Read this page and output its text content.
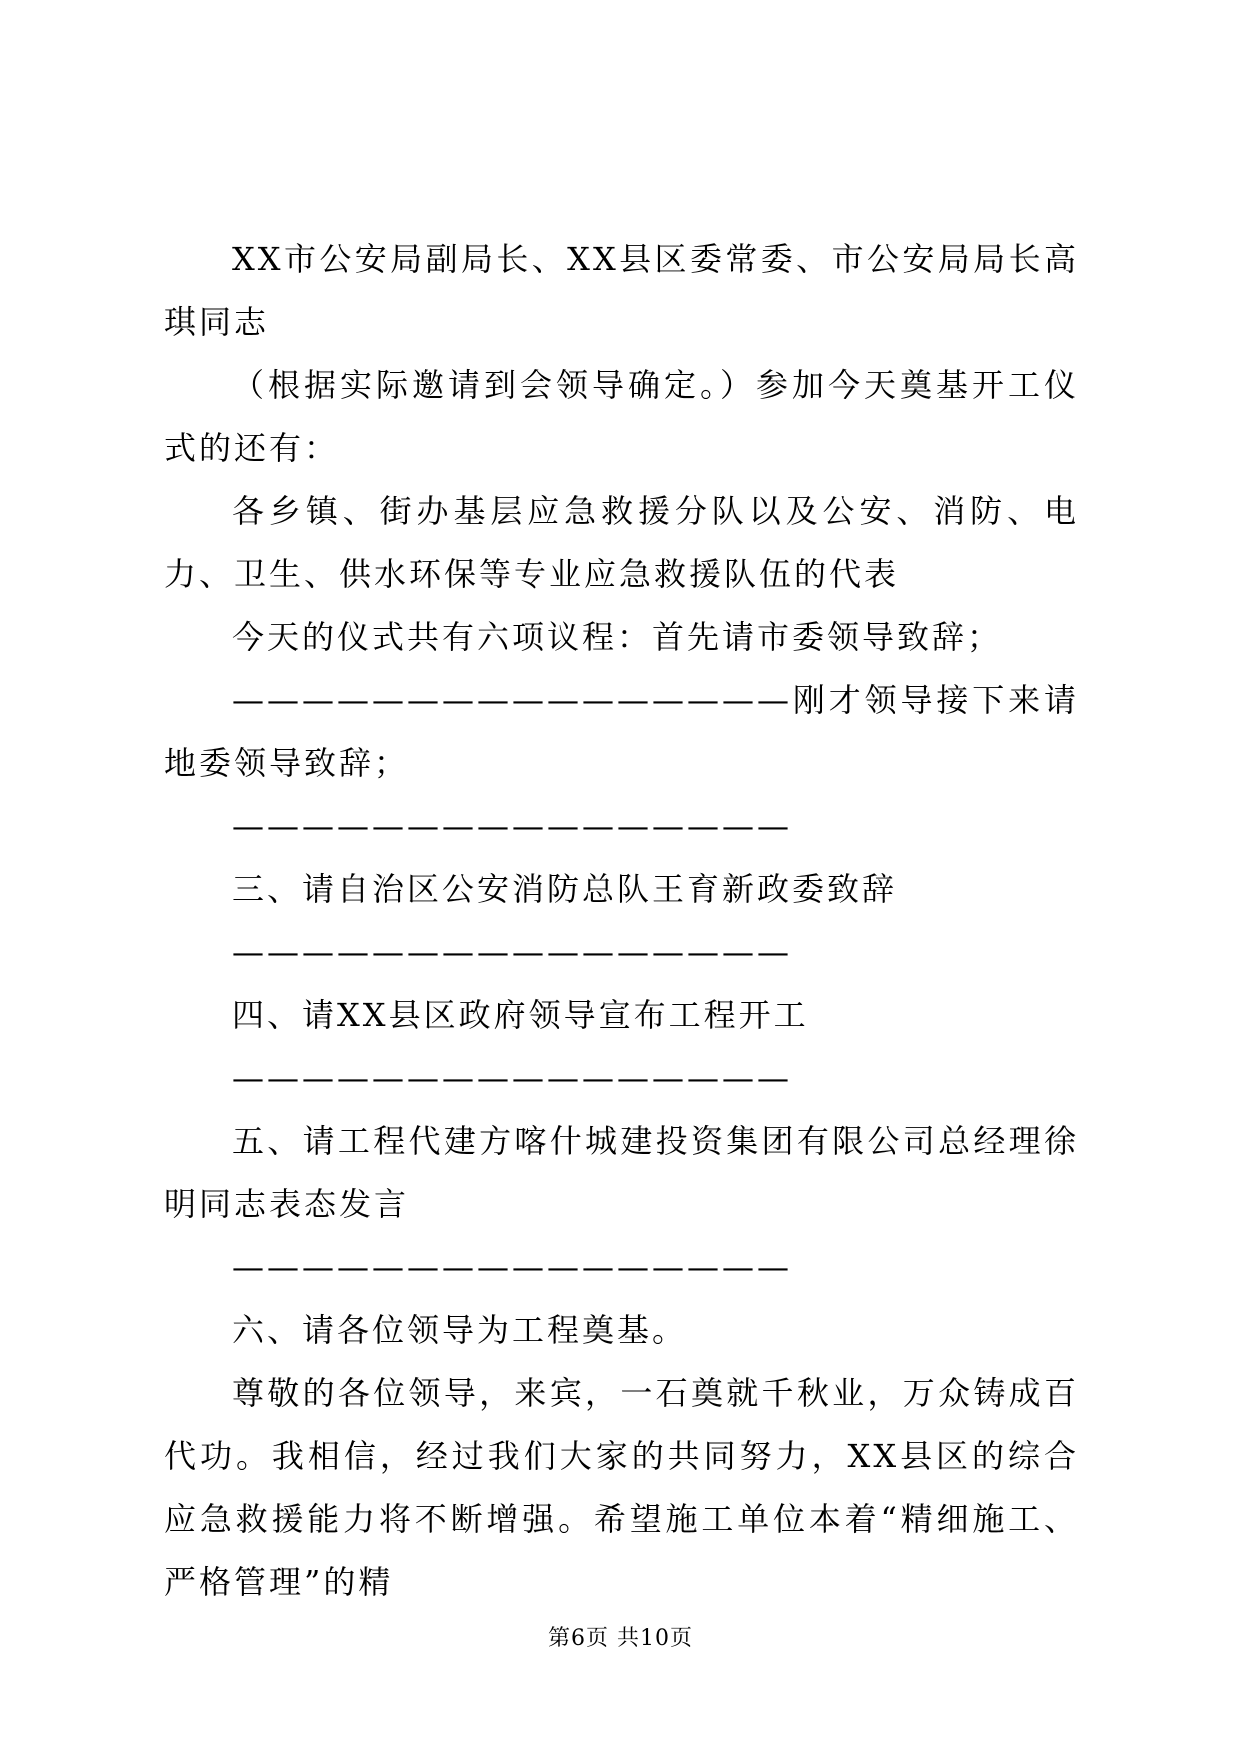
XX市公安局副局长、XX县区委常委、市公安局局长高琪同志

（根据实际邀请到会领导确定。）参加今天奠基开工仪式的还有：

各乡镇、街办基层应急救援分队以及公安、消防、电力、卫生、供水环保等专业应急救援队伍的代表

今天的仪式共有六项议程：首先请市委领导致辞；

————————————————刚才领导接下来请地委领导致辞；

————————————————

三、请自治区公安消防总队王育新政委致辞

————————————————

四、请XX县区政府领导宣布工程开工

————————————————

五、请工程代建方喀什城建投资集团有限公司总经理徐明同志表态发言

————————————————

六、请各位领导为工程奠基。

尊敬的各位领导，来宾，一石奠就千秋业，万众铸成百代功。我相信，经过我们大家的共同努力，XX县区的综合应急救援能力将不断增强。希望施工单位本着“精细施工、严格管理”的精

第6页 共10页
